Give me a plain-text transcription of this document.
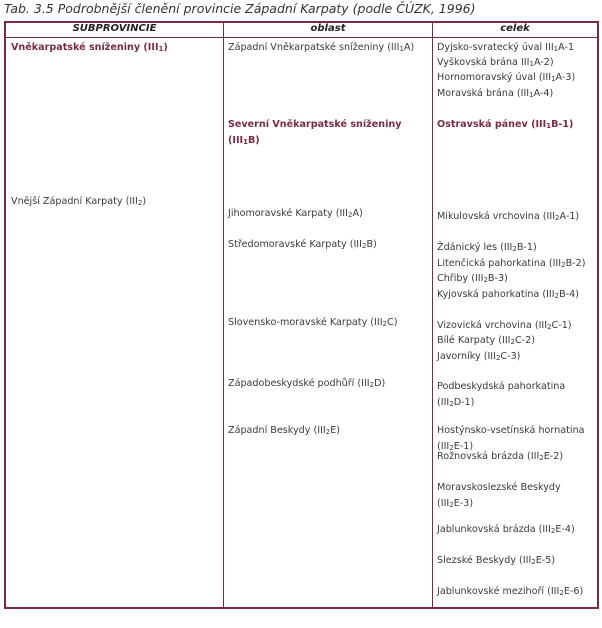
Tab. 3.5 Podrobnější členění provincie Západní Karpaty (podle ČÚZK, 1996)
SUBPROVINCIE	oblast	celek
Vněkarpatské sníženiny $(III_1)$
Vnější Západní Karpaty $(III_2)$
Západní Vněkarpatské sníženiny $(III_1A)$
Severní Vněkarpatské sníženiny
$(III_1B)$
Jihomoravské Karpaty $(III_2A)$
Středomoravské Karpaty $(III_2B)$
Slovensko-moravské Karpaty $(III_2C)$
Západobeskydské podhůří $(III_2D)$
Západní Beskydy $(III_2E)$
Dyjsko-svratecký úval $III_1A-1$
Vyškovská brána $III_1A-2$)
Hornomoravský úval $(III_1A-3)$
Moravská brána $(III_1A-4)$
Ostravská pánev $(III_1B-1)$
Mikulovská vrchovina $(III_2A-1)$
Ždánický les $(III_2B-1)$
Litenčická pahorkatina $(III_2B-2)$
Chřiby $(III_2B-3)$
Kyjovská pahorkatina $(III_2B-4)$
Vizovická vrchovina $(III_2C-1)$
Bílé Karpaty $(III_2C-2)$
Javorníky $(III_2C-3)$
Podbeskydská pahorkatina
$(III_2D-1)$
Hostýnsko-vsetínská hornatina
$(III_2E-1)$
Rožnovská brázda $(III_2E-2)$
Moravskoslezské Beskydy
$(III_2E-3)$
Jablunkovská brázda $(III_2E-4)$
Slezské Beskydy $(III_2E-5)$
Jablunkovské mezihoří $(III_2E-6)$
